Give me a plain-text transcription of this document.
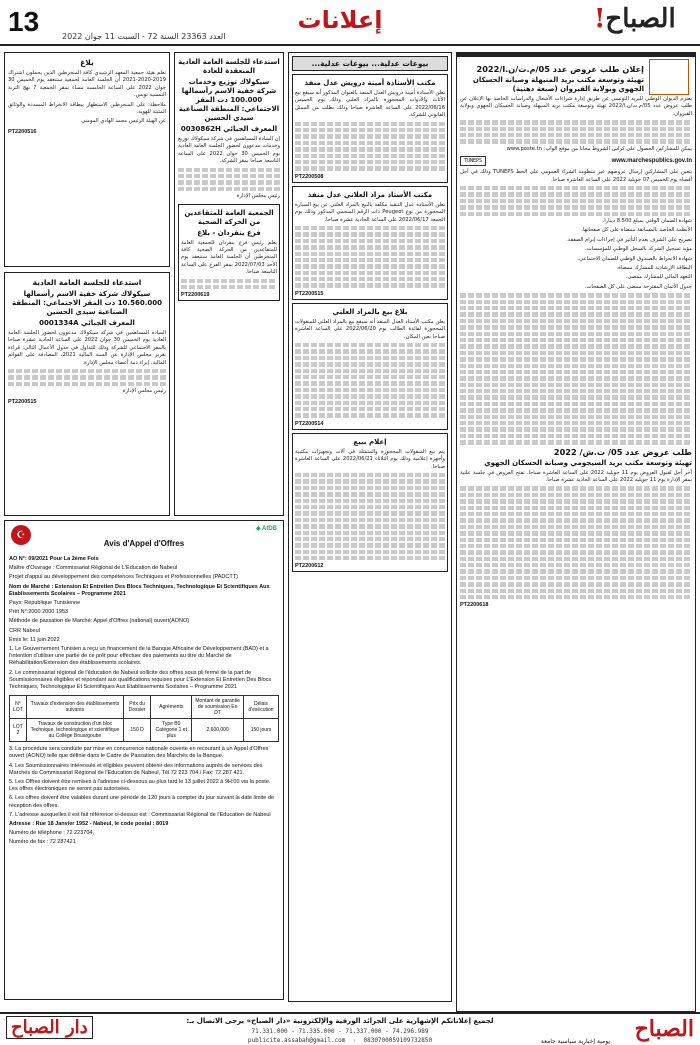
13	العدد 23363 السنة 72 - السبت 11 جوان 2022
إعلانات	!الصباح
بلاغ

تعلم هيئة جمعية المعهد الرشيدي كافة المنخرطين الذين يحملون اشتراك 2019-2020-2021 أن الجلسة العامة لجمعية ستنعقد يوم الخميس 30 جوان 2022 على الساعة الخامسة مساء بمقر الجمعية 7 نهج التربة التمسية تونس.

ملاحظة: على المنخرطين الاستظهار ببطاقة الانخراط المسددة والوثائق المثبتة للهوية.

عن الهيئة الرئيس محمد الهادي المومني

PT2200516
استدعاء للجلسة العامة العادية
سيكولاك شركة خفية الاسم رأسمالها 10.560.000 دت المقر الاجتماعي: المنطقة الصناعية سيدي الحسين
المعرف الجبائي 0001334A

السادة المساهمين في شركة سيكولاك مدعوون لحضور الجلسة العامة العادية يوم الخميس 30 جوان 2022 على الساعة الحادية عشرة صباحا بالمقر الاجتماعي للشركة وذلك للتداول في جدول الأعمال التالي: قراءة تقرير مجلس الإدارة عن السنة المالية 2021، المصادقة على القوائم المالية، إبراء ذمة أعضاء مجلس الإدارة.

رئيس مجلس الإدارة

PT2200515
استدعاء للجلسة العامة العادية المنعقدة للعادة
سيكولاك توزيع وخدمات شركة خفية الاسم رأسمالها 100.000 دت المقر الاجتماعي: المنطقة الصناعية سيدي الحسين
المعرف الجبائي 0030862H

إن السادة المساهمين في شركة سيكولاك توزيع وخدمات مدعوون لحضور الجلسة العامة العادية يوم الخميس 30 جوان 2022 على الساعة التاسعة صباحا بمقر الشركة.

رئيس مجلس الإدارة

الجمعية العامة للمتقاعدين من الحركة الصحية
فرع بنقردان - بلاغ

يعلم رئيس فرع بنقردان للجمعية العامة للمتقاعدين من الحركة الصحية كافة المنخرطين أن الجلسة العامة ستنعقد يوم الأحد 2022/07/03 بمقر الفرع على الساعة التاسعة صباحا.

PT2200619
☪
◆ AfDB
Avis d'Appel d'Offres

AO N°: 09/2021 Pour La 2ème Fois

Maître d'Ouvrage : Commissariat Régional de L'Education de Nabeul

Projet d'appui au développement des compétences Techniques et Professionnelles (PADCTT)

Nom de Marché : Extension Et Entretien Des Blocs Techniques, Technologique Et Scientifiques Aux Etablissements Scolaires – Programme 2021

Pays: République Tunisienne

Prêt N°:2000 2000 1953

Méthode de passation de Marché: Appel d'Offres (national) ouvert(AONO)

CRR Nabeul

Émis le: 11 juin 2022

1. Le Gouvernement Tunisien a reçu un financement de la Banque Africaine de Développement (BAD) et a l'intention d'utiliser une partie de ce prêt pour effectuer des paiements au titre du Marché de Réhabilitation/Extension des établissements scolaires.

2. Le commissariat régional de l'éducation de Nabeul sollicite des offres sous pli fermé de la part de Soumissionnaires éligibles et répondant aux qualifications requises pour L'Extension Et Entretien Des Blocs Techniques, Technologique Et Scientifiques Aux Etablissements Scolaires – Programme 2021

N° LOT	Travaux d'extension des établissements suivants	Prix du Dossier	Agréments	Montant de garantie de soumission En DT	Délais d'exécution
LOT 2	Travaux de construction d'un bloc Technique, technologique et scientifique au Collège Bouargoube	150 D	Type B0 Catégorie 1 et plus	2,600,000	150 jours

3. La procédure sera conduite par mise en concurrence nationale ouverte en recourant à un Appel d'Offres ouvert (AONO) telle que définie dans le Cadre de Passation des Marchés de la Banque.

4. Les Soumissionnaires intéressés et éligibles peuvent obtenir des informations auprès de services des Marchés du Commissariat Régional de l'Education de Nabeul, Tél 72 223 704 / Fax: 72 287 421.

5. Les Offres doivent être remises à l'adresse ci-dessous au plus tard le 13 juillet 2022 à 9H:00 via la poste. Les offres électroniques ne seront pas autorisées.

6. Les offres doivent être valables durant une période de 120 jours à compter du jour suivant la date limite de réception des offres.

7. L'adresse auxquelles il est fait référence ci-dessus est : Commissariat Régional de l'Education de Nabeul

Adresse : Rue 18 Janvier 1952 - Nabeul, le code postal : 8019

Numéro de téléphone : 72 223704,

Numéro de fax : 72 287421

بيوعات عدلية... بيوعات عدلية...
مكتب الأستاذة أمينة درويش عدل منفذ

تعلن الأستاذة أمينة درويش العدل المنفذ بالعنوان المذكور أنه سيقع بيع الأثاث والأدوات المحجوزة بالمزاد العلني وذلك يوم الخميس 2022/06/16 على الساعة العاشرة صباحا وذلك بطلب من الممثل القانوني للشركة.

PT2200508
مكتب الأستاذ مراد العلاني عدل منفذ

تعلن الأستاذة عدل التنفيذ مكلفة بالبيع بالمزاد العلني عن بيع السيارة المحجوزة من نوع Peugeot ذات الرقم المنجمي المذكور وذلك يوم الجمعة 2022/06/17 على الساعة الحادية عشرة صباحا.

PT2200515
بلاغ بيع بالمزاد العلني

يعلن مكتب الأستاذ العدل المنفذ أنه سيقع بيع بالمزاد العلني للمنقولات المحجوزة لفائدة الطالب يوم 2022/06/20 على الساعة العاشرة صباحا بعين المكان.

PT2200514
إعلام ببيع

يتم بيع المنقولات المحجوزة والمتمثلة في آلات وتجهيزات مكتبية وأجهزة إعلامية وذلك يوم الثلاثاء 2022/06/21 على الساعة العاشرة صباحا.

PT2200612
إعلان طلب عروض عدد 05/م.ت/ن.ا/2022
تهيئة وتوسعة مكتب بريد المنيهلة وصيانة الحسكان الجهوي وبولاية القيروان (صبغة دهنية)

يعتزم الديوان الوطني للبريد التونسي عن طريق إدارة شراءات الأشغال والدراسات الخاصة بها الإعلان عن طلب عروض عدد 05/م.ت/ن.ا/2022 تهيئة وتوسعة مكتب بريد المنيهلة وصيانة الحسكان الجهوي وبولاية القيروان.

يمكن للمشاركين الحصول على كراس الشروط مجانا من موقع الواب: www.poste.tn

TUNEPS	www.marchespublics.gov.tn

يتعين على المشاركين إرسال عروضهم عبر منظومة الشراء العمومي على الخط TUNEPS وذلك في أجل أقصاه يوم الخميس 07 جويلية 2022 على الساعة العاشرة صباحا.

شهادة الضمان الوقتي بمبلغ 8.500 دينارا.

الأنظمة الخاصة بالمسابقة ممضاة على كل صفحاتها.

تصريح على الشرف بعدم التأثير في إجراءات إبرام الصفقة.

مؤيد تسجيل الشركة بالسجل الوطني للمؤسسات.

شهادة الانخراط بالصندوق الوطني للضمان الاجتماعي.

البطاقة الإرشادية للمشارك ممضاة.

التعهد المالي للمشارك ممضى.

جدول الأثمان المقترحة ممضى على كل الصفحات.

طلب عروض عدد 05/ ت.ش/ 2022
تهيئة وتوسعة مكتب بريد السيجومي وصيانة الحسكان الجهوي

آخر أجل لقبول العروض يوم 11 جويلية 2022 على الساعة العاشرة صباحا. تفتح العروض في جلسة علنية بمقر الإدارة يوم 11 جويلية 2022 على الساعة الحادية عشرة صباحا.

PT2200618
الصباح
دار الصباح	لجميع إعلاناتكم الإشهارية على الجرائد الورقية والإلكترونية «دار الصباح» يرجى الاتصال بـ:
71.331.000 - 71.335.000 - 71.337.000 - 74.296.989
publicite.assabah@gmail.com  ·  0830700059109732850	يومية إخبارية سياسية جامعة
